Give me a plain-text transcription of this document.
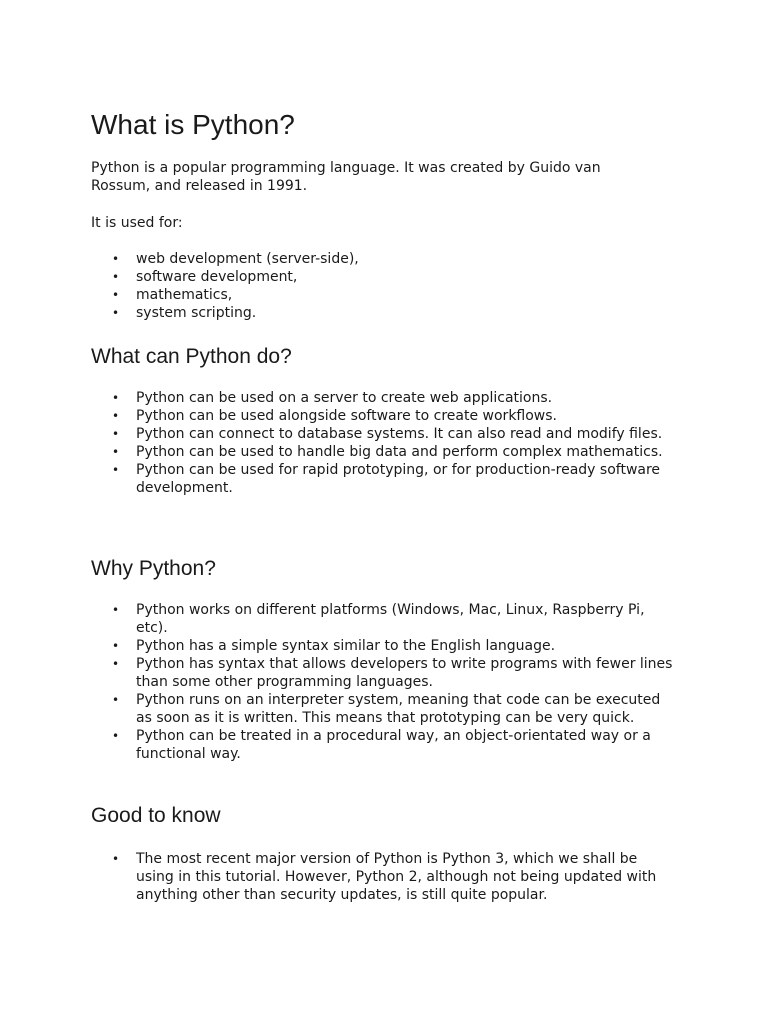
What is Python?

Python is a popular programming language. It was created by Guido van Rossum, and released in 1991.

It is used for:

• web development (server-side),
• software development,
• mathematics,
• system scripting.
What can Python do?
• Python can be used on a server to create web applications.
• Python can be used alongside software to create workflows.
• Python can connect to database systems. It can also read and modify files.
• Python can be used to handle big data and perform complex mathematics.
• Python can be used for rapid prototyping, or for production-ready software development.
Why Python?
• Python works on different platforms (Windows, Mac, Linux, Raspberry Pi, etc).
• Python has a simple syntax similar to the English language.
• Python has syntax that allows developers to write programs with fewer lines than some other programming languages.
• Python runs on an interpreter system, meaning that code can be executed as soon as it is written. This means that prototyping can be very quick.
• Python can be treated in a procedural way, an object-orientated way or a functional way.
Good to know
• The most recent major version of Python is Python 3, which we shall be using in this tutorial. However, Python 2, although not being updated with anything other than security updates, is still quite popular.
